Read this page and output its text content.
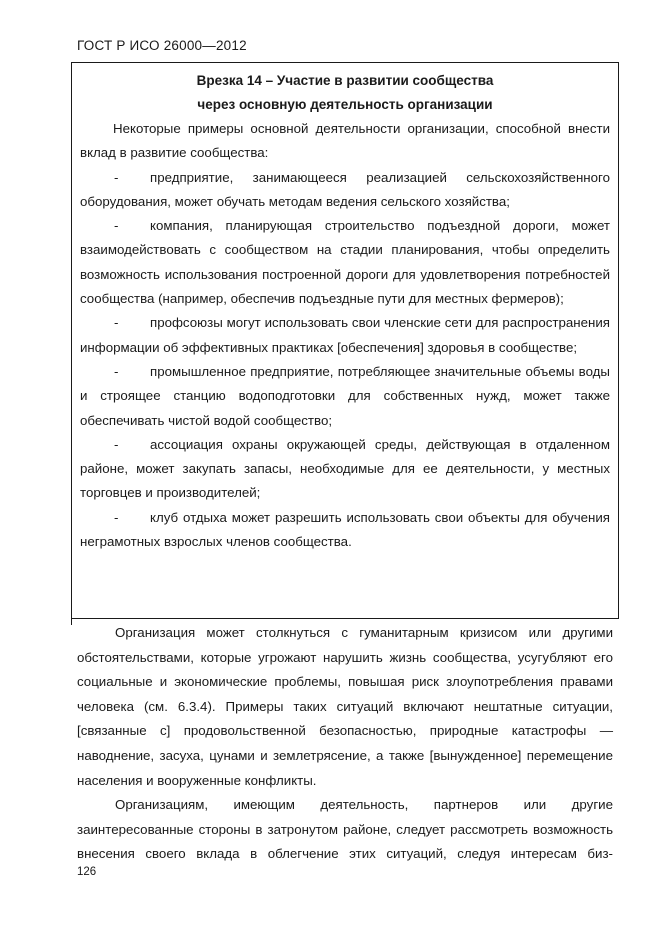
ГОСТ Р ИСО 26000—2012
Врезка 14 – Участие в развитии сообщества
через основную деятельность организации

Некоторые примеры основной деятельности организации, способной внести вклад в развитие сообщества:

-	предприятие, занимающееся реализацией сельскохозяйственного оборудования, может обучать методам ведения сельского хозяйства;
-	компания, планирующая строительство подъездной дороги, может взаимодействовать с сообществом на стадии планирования, чтобы определить возможность использования построенной дороги для удовлетворения потребностей сообщества (например, обеспечив подъездные пути для местных фермеров);
-	профсоюзы могут использовать свои членские сети для распространения информации об эффективных практиках [обеспечения] здоровья в сообществе;
-	промышленное предприятие, потребляющее значительные объемы воды и строящее станцию водоподготовки для собственных нужд, может также обеспечивать чистой водой сообщество;
-	ассоциация охраны окружающей среды, действующая в отдаленном районе, может закупать запасы, необходимые для ее деятельности, у местных торговцев и производителей;
-	клуб отдыха может разрешить использовать свои объекты для обучения неграмотных взрослых членов сообщества.

Организация может столкнуться с гуманитарным кризисом или другими обстоятельствами, которые угрожают нарушить жизнь сообщества, усугубляют его социальные и экономические проблемы, повышая риск злоупотребления правами человека (см. 6.3.4). Примеры таких ситуаций включают нештатные ситуации, [связанные с] продовольственной безопасностью, природные катастрофы — наводнение, засуха, цунами и землетрясение, а также [вынужденное] перемещение населения и вооруженные конфликты.

Организациям, имеющим деятельность, партнеров или другие заинтересованные стороны в затронутом районе, следует рассмотреть возможность внесения своего вклада в облегчение этих ситуаций, следуя интересам биз-

126
